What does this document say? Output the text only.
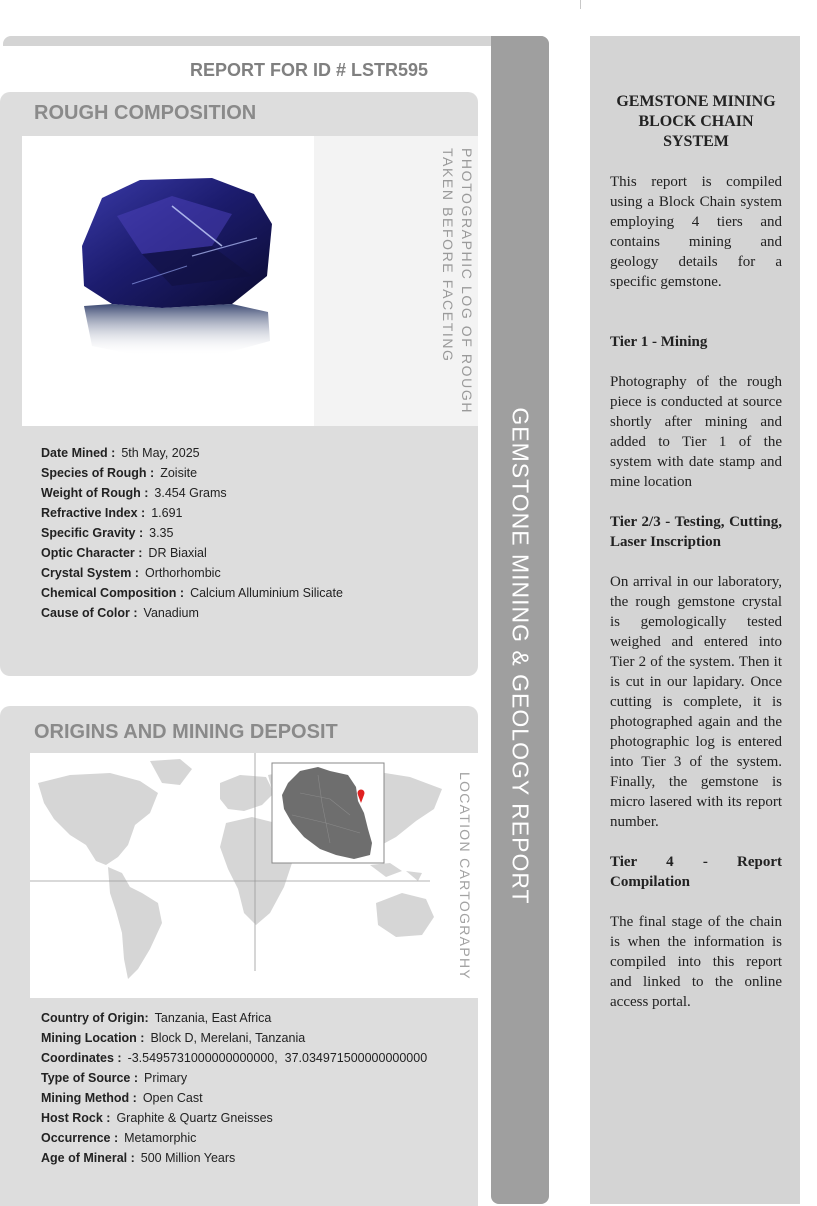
GEMSTONE MINING & GEOLOGY REPORT
REPORT FOR ID # LSTR595
ROUGH COMPOSITION
PHOTOGRAPHIC LOG OF ROUGH
TAKEN BEFORE FACETING
Date Mined : 5th May, 2025
Species of Rough : Zoisite
Weight of Rough : 3.454 Grams
Refractive Index : 1.691
Specific Gravity : 3.35
Optic Character : DR Biaxial
Crystal System : Orthorhombic
Chemical Composition : Calcium Alluminium Silicate
Cause of Color : Vanadium
ORIGINS AND MINING DEPOSIT
LOCATION CARTOGRAPHY
Country of Origin: Tanzania, East Africa
Mining Location : Block D, Merelani, Tanzania
Coordinates : -3.5495731000000000000,  37.034971500000000000
Type of Source : Primary
Mining Method : Open Cast
Host Rock : Graphite & Quartz Gneisses
Occurrence : Metamorphic
Age of Mineral : 500 Million Years
GEMSTONE MINING BLOCK CHAIN SYSTEM

This report is compiled using a Block Chain system employing 4 tiers and contains mining and geology details for a specific gemstone.

Tier 1 - Mining

Photography of the rough piece is conducted at source shortly after mining and added to Tier 1 of the system with date stamp and mine location

Tier 2/3 - Testing, Cutting, Laser Inscription

On arrival in our laboratory, the rough gemstone crystal is gemologically tested weighed and entered into Tier 2 of the system. Then it is cut in our lapidary. Once cutting is complete, it is photographed again and the photographic log is entered into Tier 3 of the system. Finally, the gemstone is micro lasered with its report number.

Tier 4 - Report Compilation

The final stage of the chain is when the information is compiled into this report and linked to the online access portal.
